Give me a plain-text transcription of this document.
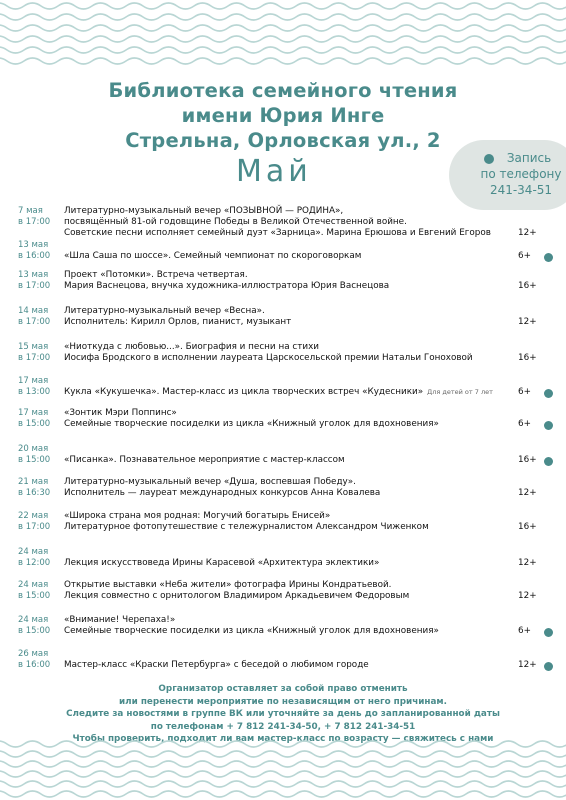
Библиотека семейного чтения
имени Юрия Инге
Стрельна, Орловская ул., 2
Май	Запись
по телефону
241-34-51
7 мая
в 17:00
Литературно-музыкальный вечер «ПОЗЫВНОЙ — РОДИНА»,
посвящённый 81-ой годовщине Победы в Великой Отечественной войне.
Советские песни исполняет семейный дуэт «Зарница». Марина Ерюшова и Евгений Егоров	12+
13 мая
в 16:00 «Шла Саша по шоссе». Семейный чемпионат по скороговоркам	6+
13 мая
в 17:00
Проект «Потомки». Встреча четвертая.
Мария Васнецова, внучка художника-иллюстратора Юрия Васнецова	16+
14 мая
в 17:00
Литературно-музыкальный вечер «Весна».
Исполнитель: Кирилл Орлов, пианист, музыкант	12+
15 мая
в 17:00
«Ниоткуда с любовью...». Биография и песни на стихи
Иосифа Бродского в исполнении лауреата Царскосельской премии Натальи Гоноховой	16+
17 мая
в 13:00 Кукла «Кукушечка». Мастер-класс из цикла творческих встреч «Кудесники» Для детей от 7 лет	6+
17 мая
в 15:00
«Зонтик Мэри Поппинс»
Семейные творческие посиделки из цикла «Книжный уголок для вдохновения»	6+
20 мая
в 15:00 «Писанка». Познавательное мероприятие с мастер-классом	16+
21 мая
в 16:30
Литературно-музыкальный вечер «Душа, воспевшая Победу».
Исполнитель — лауреат международных конкурсов Анна Ковалева	12+
22 мая
в 17:00
«Широка страна моя родная: Могучий богатырь Енисей»
Литературное фотопутешествие с тележурналистом Александром Чиженком	16+
24 мая
в 12:00 Лекция искусствоведа Ирины Карасевой «Архитектура эклектики»	12+
24 мая
в 15:00
Открытие выставки «Неба жители» фотографа Ирины Кондратьевой.
Лекция совместно с орнитологом Владимиром Аркадьевичем Федоровым	12+
24 мая
в 15:00
«Внимание! Черепаха!»
Семейные творческие посиделки из цикла «Книжный уголок для вдохновения»	6+
26 мая
в 16:00 Мастер-класс «Краски Петербурга» с беседой о любимом городе	12+
Организатор оставляет за собой право отменить
или перенести мероприятие по независящим от него причинам.
Следите за новостями в группе ВК или уточняйте за день до запланированной даты
по телефонам + 7 812 241-34-50, + 7 812 241-34-51
Чтобы проверить, подходит ли вам мастер-класс по возрасту — свяжитесь с нами
